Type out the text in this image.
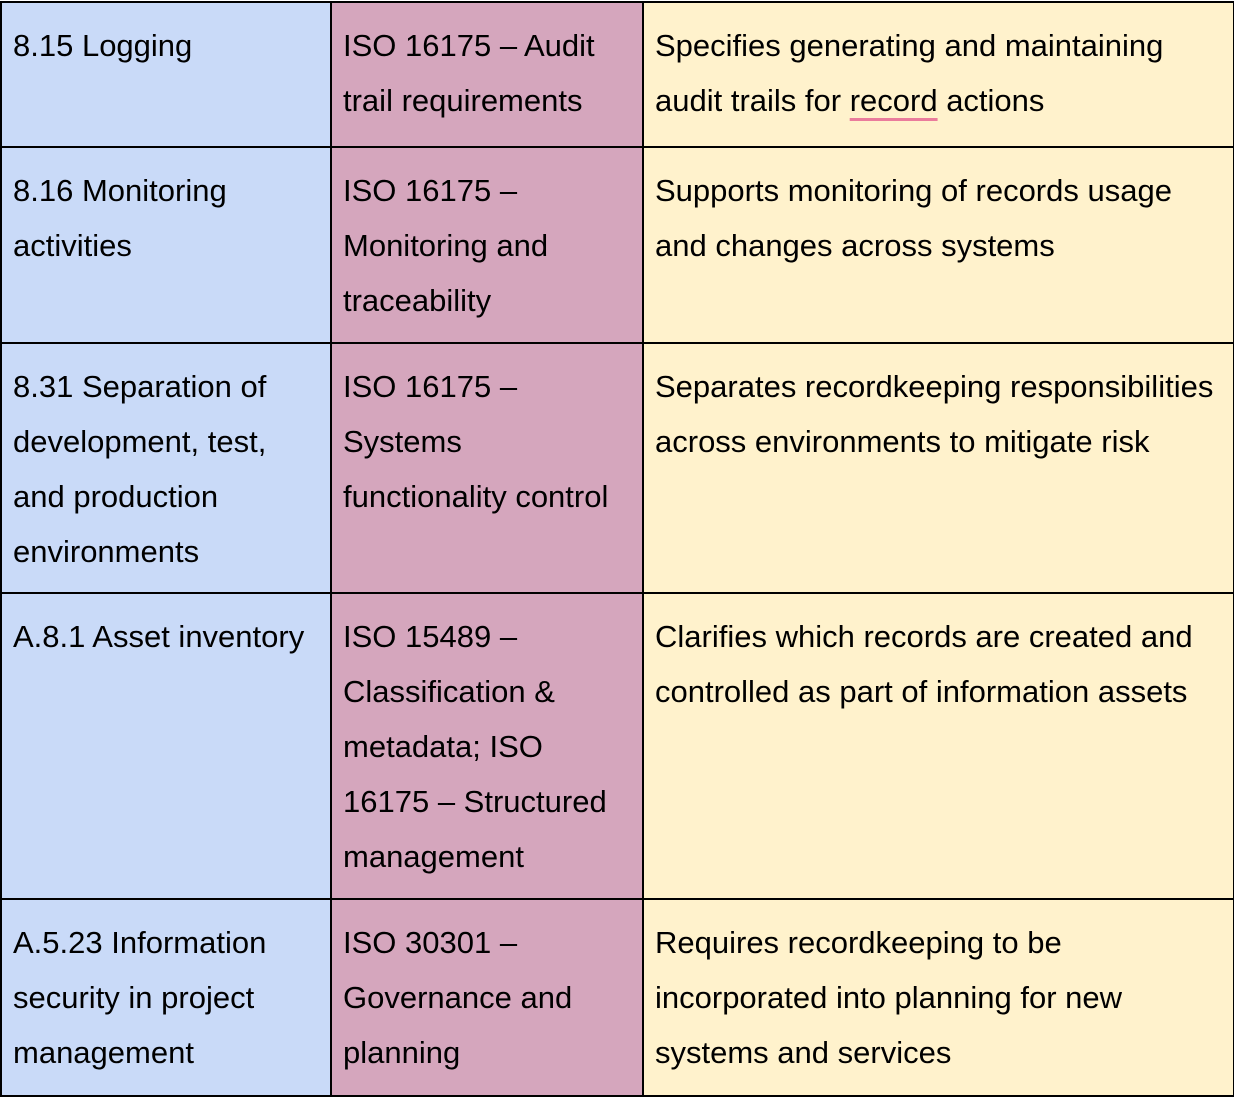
8.15 Logging	ISO 16175 – Audit trail requirements	Specifies generating and maintaining audit trails for record actions
8.16 Monitoring activities	ISO 16175 – Monitoring and traceability	Supports monitoring of records usage and changes across systems
8.31 Separation of development, test, and production environments	ISO 16175 – Systems functionality control	Separates recordkeeping responsibilities across environments to mitigate risk
A.8.1 Asset inventory	ISO 15489 – Classification & metadata; ISO 16175 – Structured management	Clarifies which records are created and controlled as part of information assets
A.5.23 Information security in project management	ISO 30301 – Governance and planning	Requires recordkeeping to be incorporated into planning for new systems and services
